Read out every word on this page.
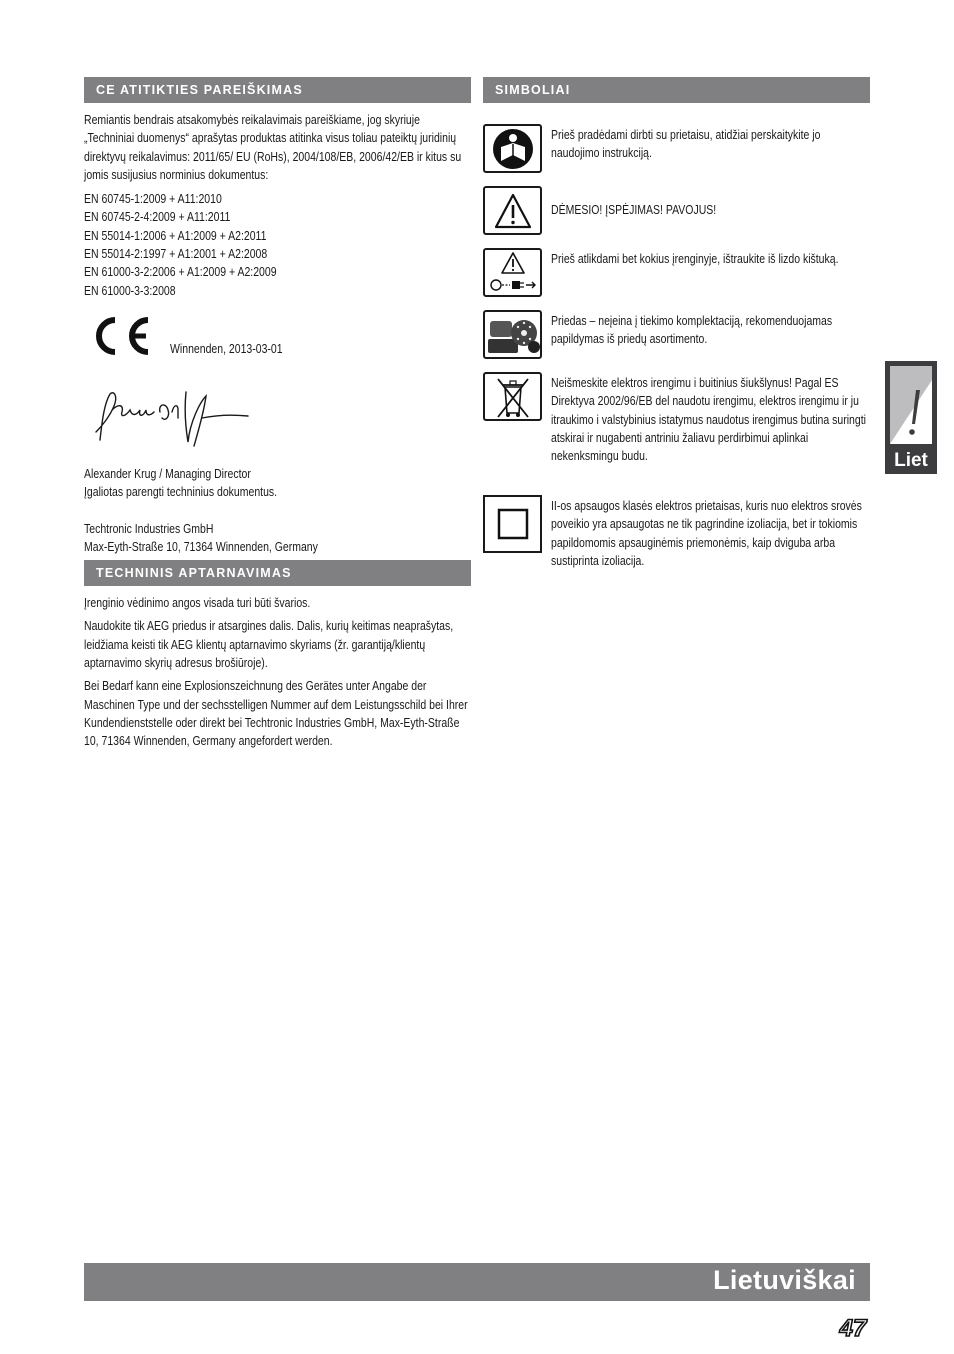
CE ATITIKTIES PAREIŠKIMAS
Remiantis bendrais atsakomybės reikalavimais pareiškiame, jog skyriuje „Techniniai duomenys“ aprašytas produktas atitinka visus toliau pateiktų juridinių direktyvų reikalavimus: 2011/65/ EU (RoHs), 2004/108/EB, 2006/42/EB ir kitus su jomis susijusius norminius dokumentus:
EN 60745-1:2009 + A11:2010
EN 60745-2-4:2009 + A11:2011
EN 55014-1:2006 + A1:2009 + A2:2011
EN 55014-2:1997 + A1:2001 + A2:2008
EN 61000-3-2:2006 + A1:2009 + A2:2009
EN 61000-3-3:2008
Winnenden, 2013-03-01
Alexander Krug / Managing Director
Įgaliotas parengti techninius dokumentus.
Techtronic Industries GmbH
Max-Eyth-Straße 10, 71364 Winnenden, Germany
TECHNINIS APTARNAVIMAS
Įrenginio vėdinimo angos visada turi būti švarios.
Naudokite tik AEG priedus ir atsargines dalis. Dalis, kurių keitimas neaprašytas, leidžiama keisti tik AEG klientų aptarnavimo skyriams (žr. garantiją/klientų aptarnavimo skyrių adresus brošiūroje).
Bei Bedarf kann eine Explosionszeichnung des Gerätes unter Angabe der Maschinen Type und der sechsstelligen Nummer auf dem Leistungsschild bei Ihrer Kundendienststelle oder direkt bei Techtronic Industries GmbH, Max-Eyth-Straße 10, 71364 Winnenden, Germany angefordert werden.
SIMBOLIAI
Prieš pradėdami dirbti su prietaisu, atidžiai perskaitykite jo naudojimo instrukciją.
DĖMESIO! ĮSPĖJIMAS! PAVOJUS!
Prieš atlikdami bet kokius įrenginyje, ištraukite iš lizdo kištuką.
Priedas – neįeina į tiekimo komplektaciją, rekomenduojamas papildymas iš priedų asortimento.
Neišmeskite elektros irengimu i buitinius šiukšlynus! Pagal ES Direktyva 2002/96/EB del naudotu irengimu, elektros irengimu ir ju itraukimo i valstybinius istatymus naudotus irengimus butina suringti atskirai ir nugabenti antriniu žaliavu perdirbimui aplinkai nekenksmingu budu.
II-os apsaugos klasės elektros prietaisas, kuris nuo elektros srovės poveikio yra apsaugotas ne tik pagrindine izoliacija, bet ir tokiomis papildomomis apsauginėmis priemonėmis, kaip dviguba arba sustiprinta izoliacija.
Liet
Lietuviškai
47
